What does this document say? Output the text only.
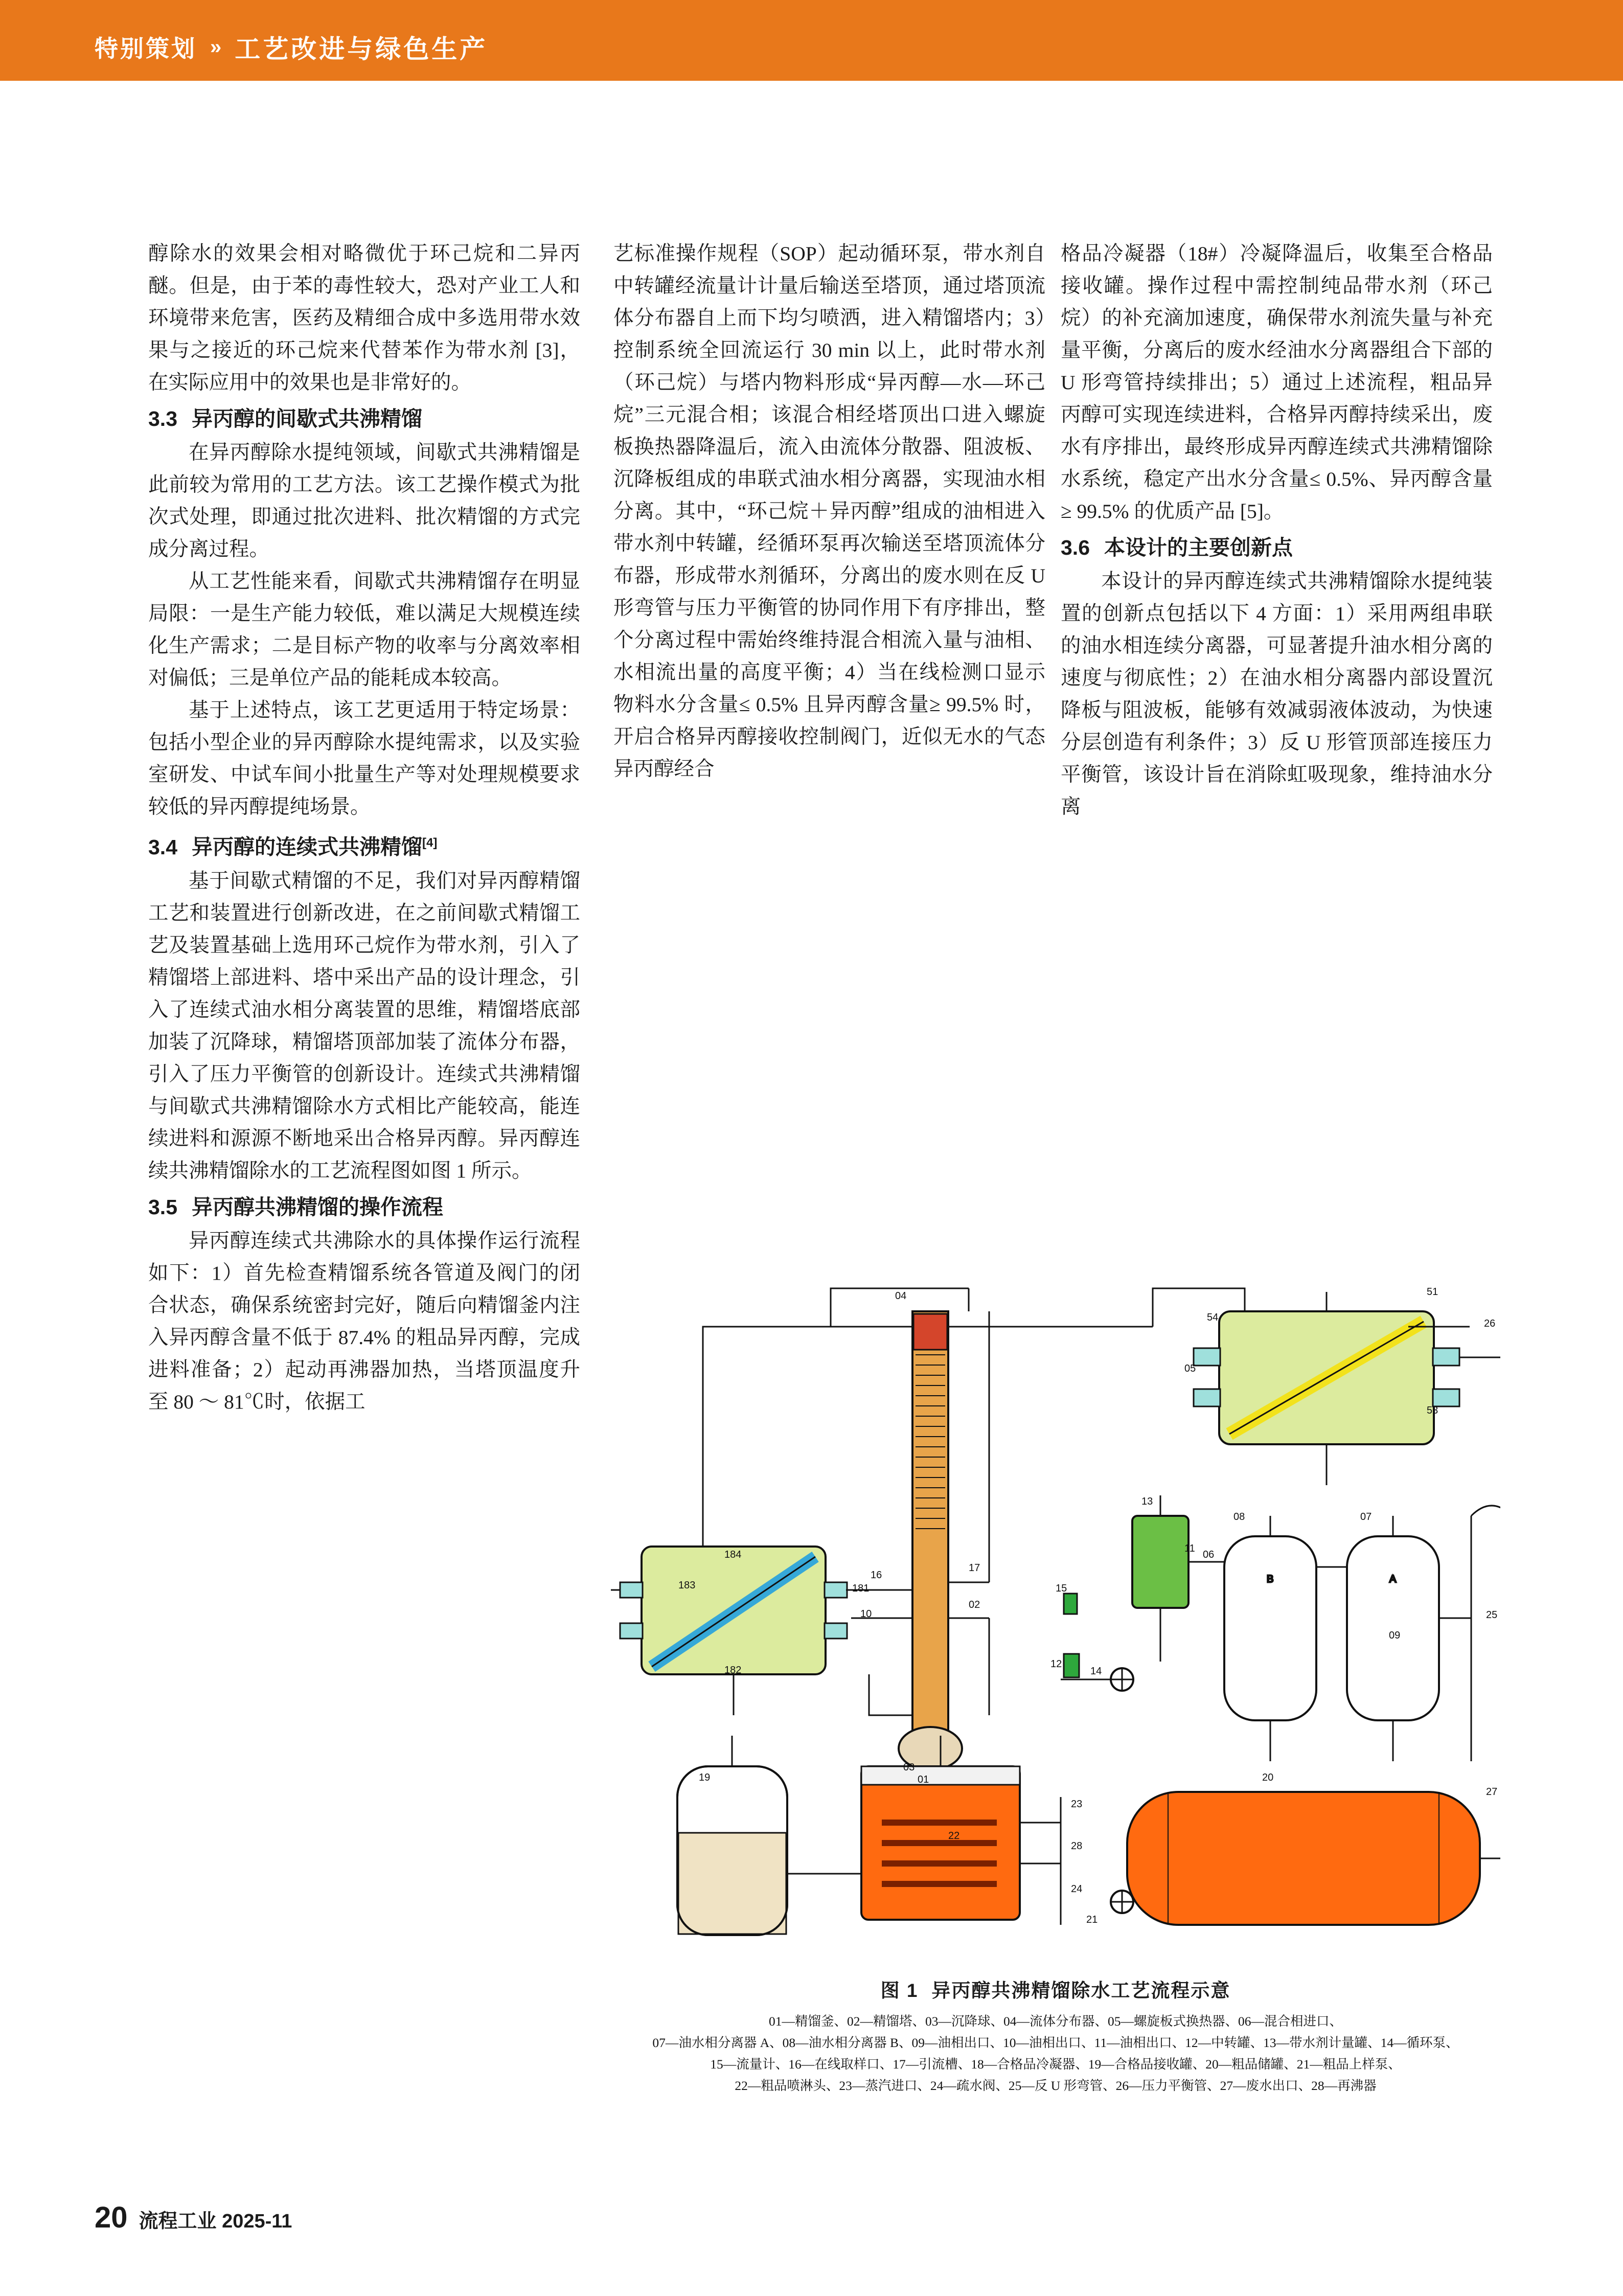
特别策划 » 工艺改进与绿色生产

醇除水的效果会相对略微优于环己烷和二异丙醚。但是，由于苯的毒性较大，恐对产业工人和环境带来危害，医药及精细合成中多选用带水效果与之接近的环己烷来代替苯作为带水剂 [3]，在实际应用中的效果也是非常好的。

3.3 异丙醇的间歇式共沸精馏

在异丙醇除水提纯领域，间歇式共沸精馏是此前较为常用的工艺方法。该工艺操作模式为批次式处理，即通过批次进料、批次精馏的方式完成分离过程。

从工艺性能来看，间歇式共沸精馏存在明显局限：一是生产能力较低，难以满足大规模连续化生产需求；二是目标产物的收率与分离效率相对偏低；三是单位产品的能耗成本较高。

基于上述特点，该工艺更适用于特定场景：包括小型企业的异丙醇除水提纯需求，以及实验室研发、中试车间小批量生产等对处理规模要求较低的异丙醇提纯场景。

3.4 异丙醇的连续式共沸精馏[4]

基于间歇式精馏的不足，我们对异丙醇精馏工艺和装置进行创新改进，在之前间歇式精馏工艺及装置基础上选用环己烷作为带水剂，引入了精馏塔上部进料、塔中采出产品的设计理念，引入了连续式油水相分离装置的思维，精馏塔底部加装了沉降球，精馏塔顶部加装了流体分布器，引入了压力平衡管的创新设计。连续式共沸精馏与间歇式共沸精馏除水方式相比产能较高，能连续进料和源源不断地采出合格异丙醇。异丙醇连续共沸精馏除水的工艺流程图如图 1 所示。

3.5 异丙醇共沸精馏的操作流程

异丙醇连续式共沸除水的具体操作运行流程如下：1）首先检查精馏系统各管道及阀门的闭合状态，确保系统密封完好，随后向精馏釜内注入异丙醇含量不低于 87.4% 的粗品异丙醇，完成进料准备；2）起动再沸器加热，当塔顶温度升至 80 ～ 81℃时，依据工

艺标准操作规程（SOP）起动循环泵，带水剂自中转罐经流量计计量后输送至塔顶，通过塔顶流体分布器自上而下均匀喷洒，进入精馏塔内；3）控制系统全回流运行 30 min 以上，此时带水剂（环己烷）与塔内物料形成“异丙醇—水—环己烷”三元混合相；该混合相经塔顶出口进入螺旋板换热器降温后，流入由流体分散器、阻波板、沉降板组成的串联式油水相分离器，实现油水相分离。其中，“环己烷＋异丙醇”组成的油相进入带水剂中转罐，经循环泵再次输送至塔顶流体分布器，形成带水剂循环，分离出的废水则在反 U 形弯管与压力平衡管的协同作用下有序排出，整个分离过程中需始终维持混合相流入量与油相、水相流出量的高度平衡；4）当在线检测口显示物料水分含量≤ 0.5% 且异丙醇含量≥ 99.5% 时，开启合格异丙醇接收控制阀门，近似无水的气态异丙醇经合

格品冷凝器（18#）冷凝降温后，收集至合格品接收罐。操作过程中需控制纯品带水剂（环己烷）的补充滴加速度，确保带水剂流失量与补充量平衡，分离后的废水经油水分离器组合下部的 U 形弯管持续排出；5）通过上述流程，粗品异丙醇可实现连续进料，合格异丙醇持续采出，废水有序排出，最终形成异丙醇连续式共沸精馏除水系统，稳定产出水分含量≤ 0.5%、异丙醇含量≥ 99.5% 的优质产品 [5]。

3.6 本设计的主要创新点

本设计的异丙醇连续式共沸精馏除水提纯装置的创新点包括以下 4 方面：1）采用两组串联的油水相连续分离器，可显著提升油水相分离的速度与彻底性；2）在油水相分离器内部设置沉降板与阻波板，能够有效减弱液体波动，为快速分层创造有利条件；3）反 U 形管顶部连接压力平衡管，该设计旨在消除虹吸现象，维持油水分离

B	A
51
54
05
53
26
04
13
03
16
17
02
08	07
01
06
09
25
15
12
11
14
19	20
23
28
24
21
183
184
182
181
10
27
22
图 1 异丙醇共沸精馏除水工艺流程示意
01—精馏釜、02—精馏塔、03—沉降球、04—流体分布器、05—螺旋板式换热器、06—混合相进口、
07—油水相分离器 A、08—油水相分离器 B、09—油相出口、10—油相出口、11—油相出口、12—中转罐、13—带水剂计量罐、14—循环泵、
15—流量计、16—在线取样口、17—引流槽、18—合格品冷凝器、19—合格品接收罐、20—粗品储罐、21—粗品上样泵、
22—粗品喷淋头、23—蒸汽进口、24—疏水阀、25—反 U 形弯管、26—压力平衡管、27—废水出口、28—再沸器
20 流程工业 2025-11
